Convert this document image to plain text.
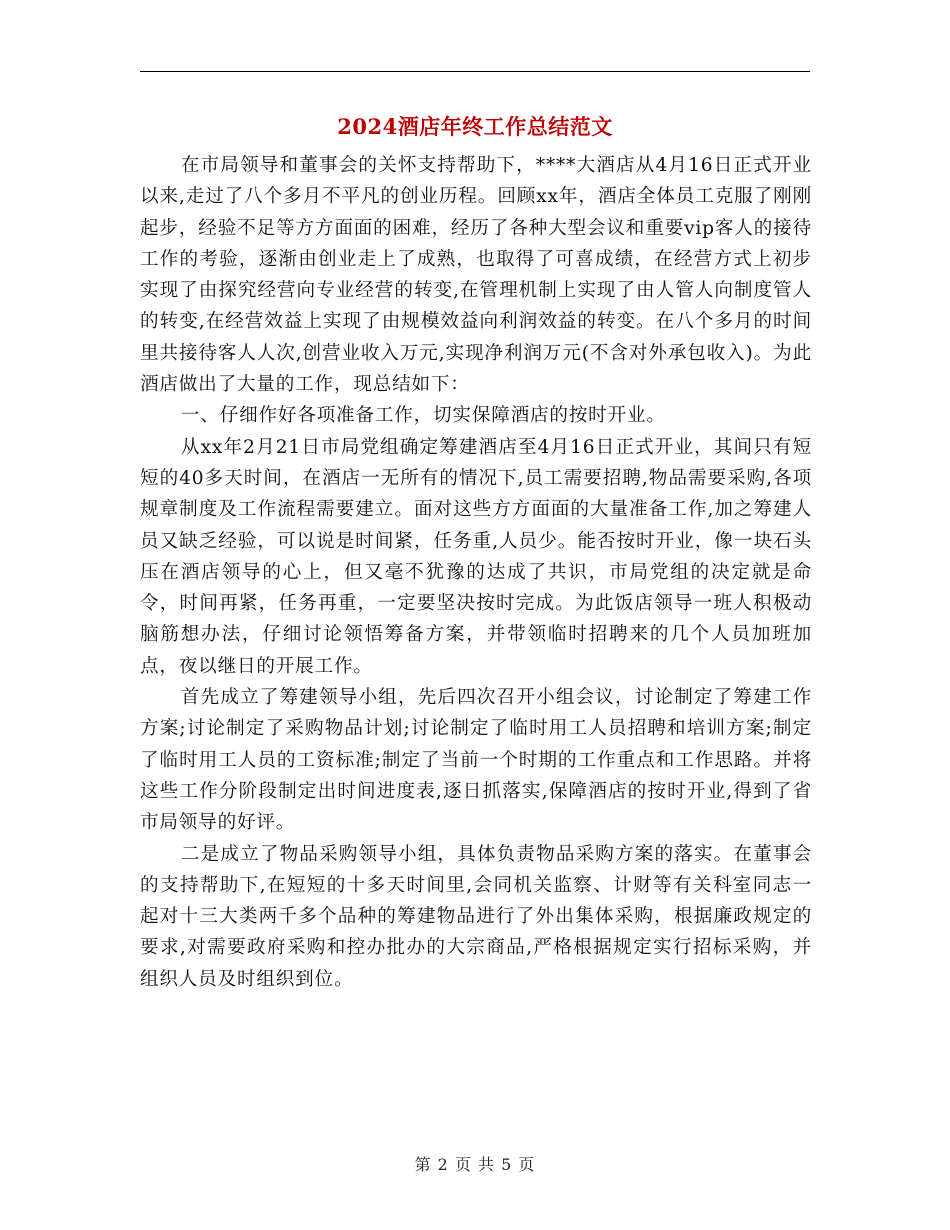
2024酒店年终工作总结范文

在市局领导和董事会的关怀支持帮助下，****大酒店从4月16日正式开业以来,走过了八个多月不平凡的创业历程。回顾xx年，酒店全体员工克服了刚刚起步，经验不足等方方面面的困难，经历了各种大型会议和重要vip客人的接待工作的考验，逐渐由创业走上了成熟，也取得了可喜成绩，在经营方式上初步实现了由探究经营向专业经营的转变,在管理机制上实现了由人管人向制度管人的转变,在经营效益上实现了由规模效益向利润效益的转变。在八个多月的时间里共接待客人人次,创营业收入万元,实现净利润万元(不含对外承包收入)。为此酒店做出了大量的工作，现总结如下：

一、仔细作好各项准备工作，切实保障酒店的按时开业。

从xx年2月21日市局党组确定筹建酒店至4月16日正式开业，其间只有短短的40多天时间，在酒店一无所有的情况下,员工需要招聘,物品需要采购,各项规章制度及工作流程需要建立。面对这些方方面面的大量准备工作,加之筹建人员又缺乏经验，可以说是时间紧，任务重,人员少。能否按时开业，像一块石头压在酒店领导的心上，但又毫不犹豫的达成了共识，市局党组的决定就是命令，时间再紧，任务再重，一定要坚决按时完成。为此饭店领导一班人积极动脑筋想办法，仔细讨论领悟筹备方案，并带领临时招聘来的几个人员加班加点，夜以继日的开展工作。

首先成立了筹建领导小组，先后四次召开小组会议，讨论制定了筹建工作方案;讨论制定了采购物品计划;讨论制定了临时用工人员招聘和培训方案;制定了临时用工人员的工资标准;制定了当前一个时期的工作重点和工作思路。并将这些工作分阶段制定出时间进度表,逐日抓落实,保障酒店的按时开业,得到了省市局领导的好评。

二是成立了物品采购领导小组，具体负责物品采购方案的落实。在董事会的支持帮助下,在短短的十多天时间里,会同机关监察、计财等有关科室同志一起对十三大类两千多个品种的筹建物品进行了外出集体采购，根据廉政规定的要求,对需要政府采购和控办批办的大宗商品,严格根据规定实行招标采购，并组织人员及时组织到位。

第 2 页 共 5 页
